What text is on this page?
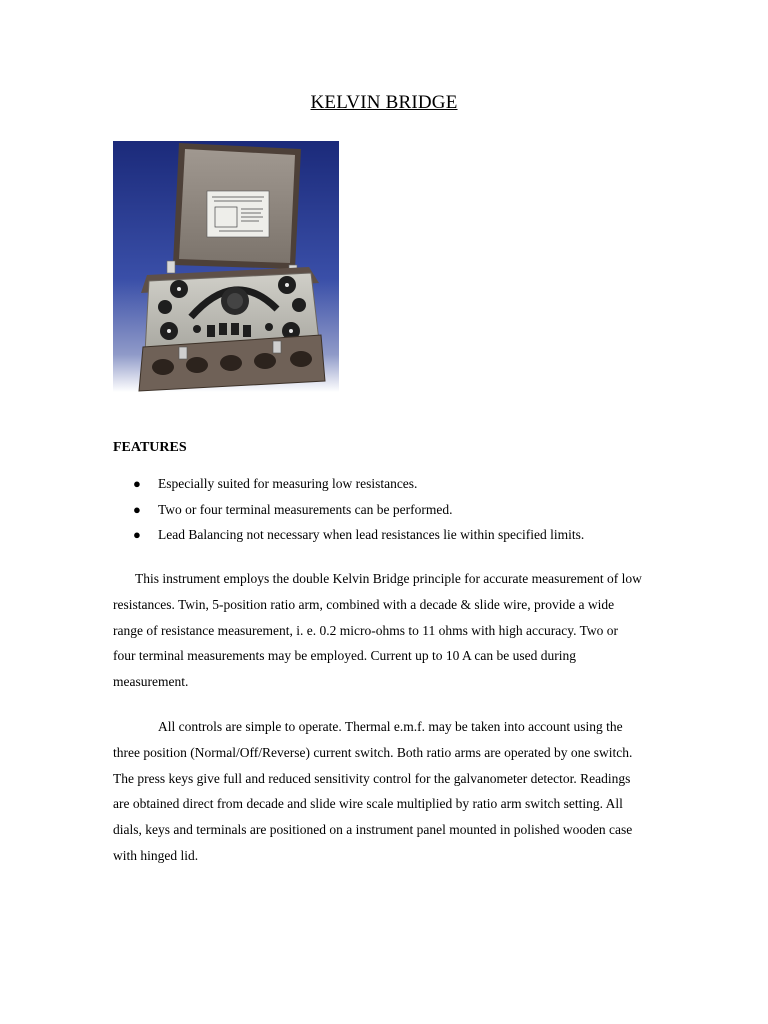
KELVIN BRIDGE
FEATURES
● Especially suited for measuring low resistances.
● Two or four terminal measurements can be performed.
● Lead Balancing not necessary when lead resistances lie within specified limits.

This instrument employs the double Kelvin Bridge principle for accurate measurement of low resistances. Twin, 5-position ratio arm, combined with a decade & slide wire, provide a wide range of resistance measurement, i. e. 0.2 micro-ohms to 11 ohms with high accuracy. Two or four terminal measurements may be employed. Current up to 10 A can be used during measurement.

All controls are simple to operate. Thermal e.m.f. may be taken into account using the three position (Normal/Off/Reverse) current switch. Both ratio arms are operated by one switch. The press keys give full and reduced sensitivity control for the galvanometer detector. Readings are obtained direct from decade and slide wire scale multiplied by ratio arm switch setting. All dials, keys and terminals are positioned on a instrument panel mounted in polished wooden case with hinged lid.
